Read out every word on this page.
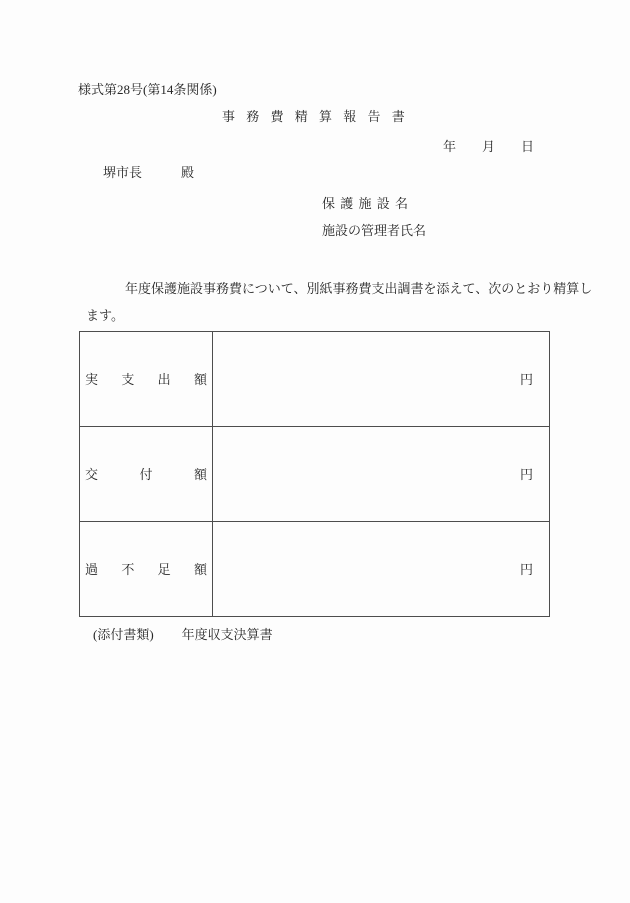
様式第28号(第14条関係)
事 務 費 精 算 報 告 書
年　　月　　日
堺市長　　　殿
保 護 施 設 名
施設の管理者氏名
年度保護施設事務費について、別紙事務費支出調書を添えて、次のとおり精算し
ます。
実 支 出 額	円

交 付 額	円

過 不 足 額	円

(添付書類) 年度収支決算書
